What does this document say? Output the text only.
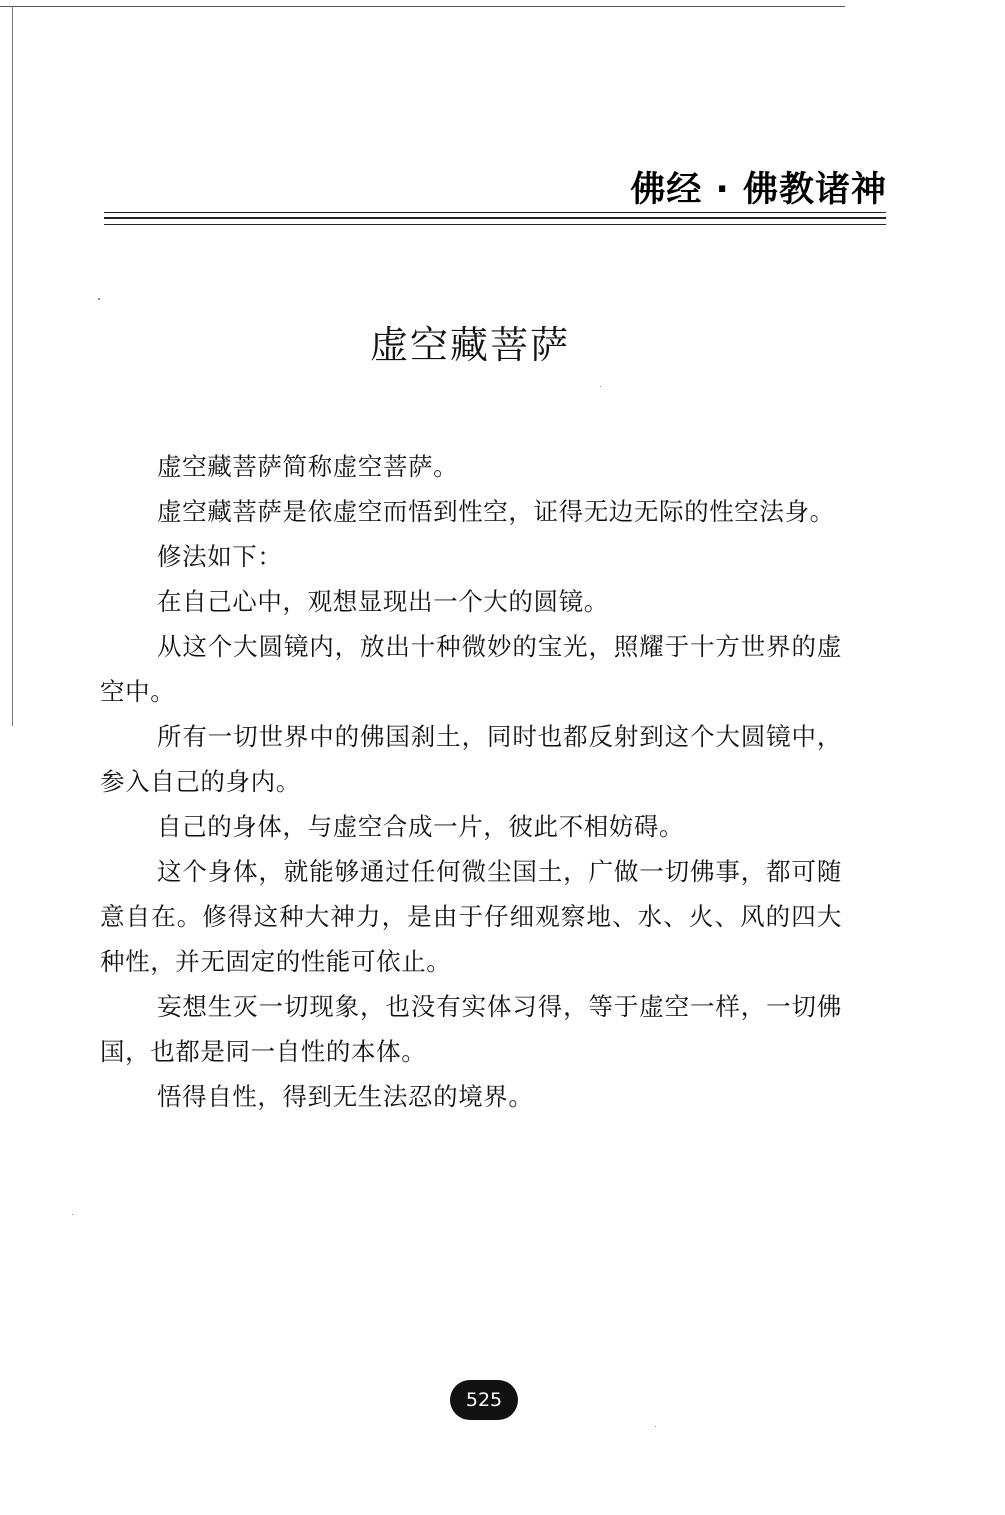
佛经 · 佛教诸神
虚空藏菩萨

虚空藏菩萨简称虚空菩萨。

虚空藏菩萨是依虚空而悟到性空，证得无边无际的性空法身。

修法如下：

在自己心中，观想显现出一个大的圆镜。

从这个大圆镜内，放出十种微妙的宝光，照耀于十方世界的虚空中。

所有一切世界中的佛国刹土，同时也都反射到这个大圆镜中，参入自己的身内。

自己的身体，与虚空合成一片，彼此不相妨碍。

这个身体，就能够通过任何微尘国土，广做一切佛事，都可随意自在。修得这种大神力，是由于仔细观察地、水、火、风的四大种性，并无固定的性能可依止。

妄想生灭一切现象，也没有实体习得，等于虚空一样，一切佛国，也都是同一自性的本体。

悟得自性，得到无生法忍的境界。

525
